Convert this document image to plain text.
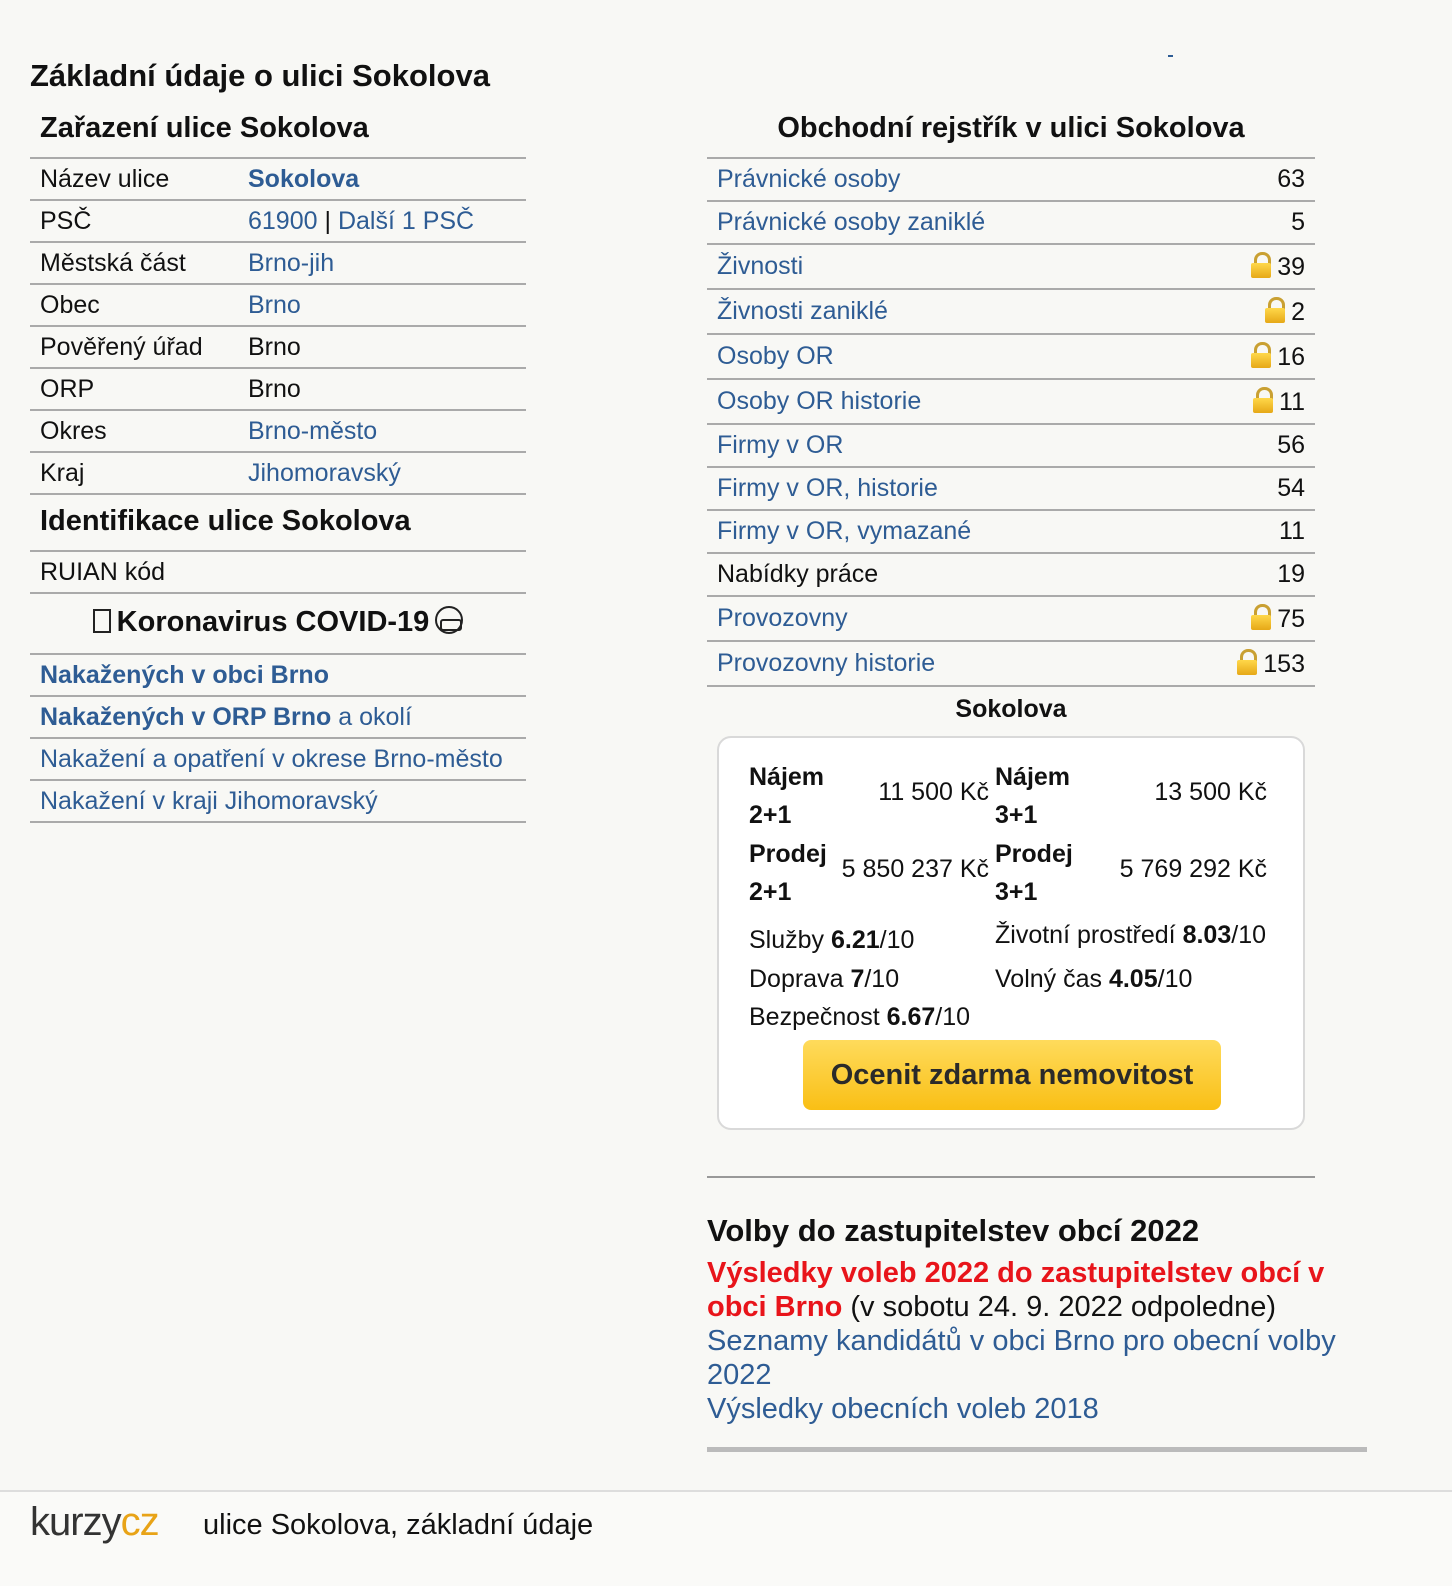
Základní údaje o ulici Sokolova
Zařazení ulice Sokolova
Název ulice	Sokolova
PSČ	61900 | Další 1 PSČ
Městská část	Brno-jih
Obec	Brno
Pověřený úřad	Brno
ORP	Brno
Okres	Brno-město
Kraj	Jihomoravský
Identifikace ulice Sokolova
RUIAN kód
Koronavirus COVID-19
Nakažených v obci Brno
Nakažených v ORP Brno a okolí
Nakažení a opatření v okrese Brno-město
Nakažení v kraji Jihomoravský
Obchodní rejstřík v ulici Sokolova
Právnické osoby	63
Právnické osoby zaniklé	5
Živnosti	39
Živnosti zaniklé	2
Osoby OR	16
Osoby OR historie	11
Firmy v OR	56
Firmy v OR, historie	54
Firmy v OR, vymazané	11
Nabídky práce	19
Provozovny	75
Provozovny historie	153
Sokolova
Nájem
2+1
11 500 Kč
Nájem
3+1
13 500 Kč
Prodej
2+1
5 850 237 Kč
Prodej
3+1
5 769 292 Kč
Služby 6.21/10	Životní prostředí 8.03/10
Doprava 7/10	Volný čas 4.05/10
Bezpečnost 6.67/10
Ocenit zdarma nemovitost
Volby do zastupitelstev obcí 2022
Výsledky voleb 2022 do zastupitelstev obcí v obci Brno (v sobotu 24. 9. 2022 odpoledne)
Seznamy kandidátů v obci Brno pro obecní volby 2022
Výsledky obecních voleb 2018
kurzycz ulice Sokolova, základní údaje
